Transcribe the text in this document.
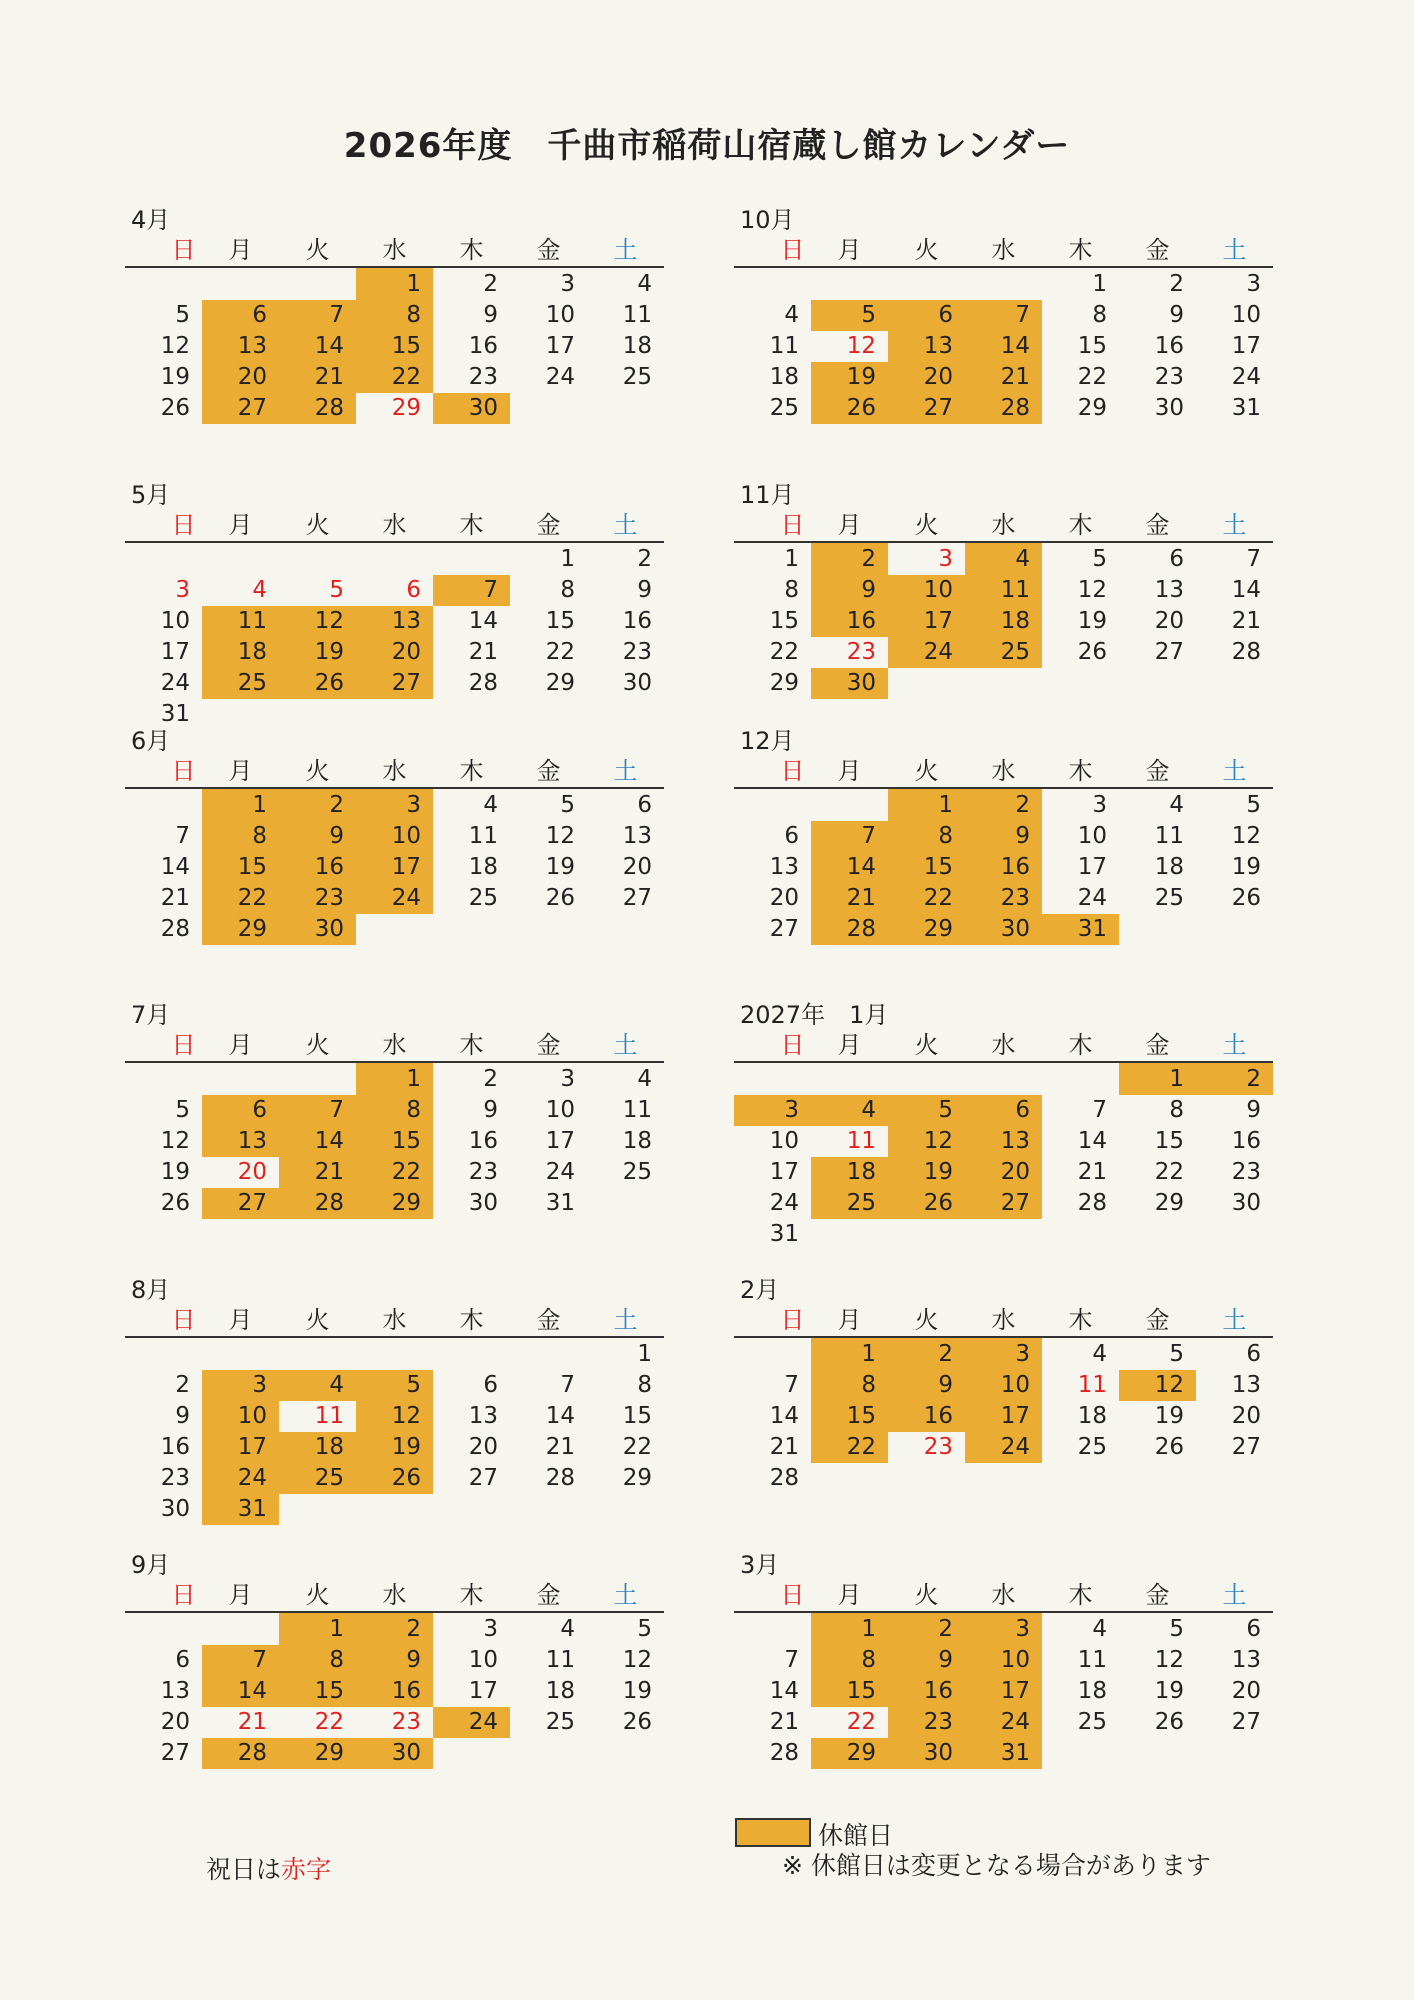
2026年度　千曲市稲荷山宿蔵し館カレンダー
4月
日	月	火	水	木	金	土
			1	2	3	4
5	6	7	8	9	10	11
12	13	14	15	16	17	18
19	20	21	22	23	24	25
26	27	28	29	30		
5月
日	月	火	水	木	金	土
					1	2
3	4	5	6	7	8	9
10	11	12	13	14	15	16
17	18	19	20	21	22	23
24	25	26	27	28	29	30
31						
6月
日	月	火	水	木	金	土
	1	2	3	4	5	6
7	8	9	10	11	12	13
14	15	16	17	18	19	20
21	22	23	24	25	26	27
28	29	30				
7月
日	月	火	水	木	金	土
			1	2	3	4
5	6	7	8	9	10	11
12	13	14	15	16	17	18
19	20	21	22	23	24	25
26	27	28	29	30	31	
8月
日	月	火	水	木	金	土
						1
2	3	4	5	6	7	8
9	10	11	12	13	14	15
16	17	18	19	20	21	22
23	24	25	26	27	28	29
30	31					
9月
日	月	火	水	木	金	土
		1	2	3	4	5
6	7	8	9	10	11	12
13	14	15	16	17	18	19
20	21	22	23	24	25	26
27	28	29	30			
10月
日	月	火	水	木	金	土
				1	2	3
4	5	6	7	8	9	10
11	12	13	14	15	16	17
18	19	20	21	22	23	24
25	26	27	28	29	30	31
11月
日	月	火	水	木	金	土
1	2	3	4	5	6	7
8	9	10	11	12	13	14
15	16	17	18	19	20	21
22	23	24	25	26	27	28
29	30					
12月
日	月	火	水	木	金	土
		1	2	3	4	5
6	7	8	9	10	11	12
13	14	15	16	17	18	19
20	21	22	23	24	25	26
27	28	29	30	31		
2027年　1月
日	月	火	水	木	金	土
					1	2
3	4	5	6	7	8	9
10	11	12	13	14	15	16
17	18	19	20	21	22	23
24	25	26	27	28	29	30
31						
2月
日	月	火	水	木	金	土
	1	2	3	4	5	6
7	8	9	10	11	12	13
14	15	16	17	18	19	20
21	22	23	24	25	26	27
28						
3月
日	月	火	水	木	金	土
	1	2	3	4	5	6
7	8	9	10	11	12	13
14	15	16	17	18	19	20
21	22	23	24	25	26	27
28	29	30	31			
休館日
※ 休館日は変更となる場合があります
祝日は赤字
